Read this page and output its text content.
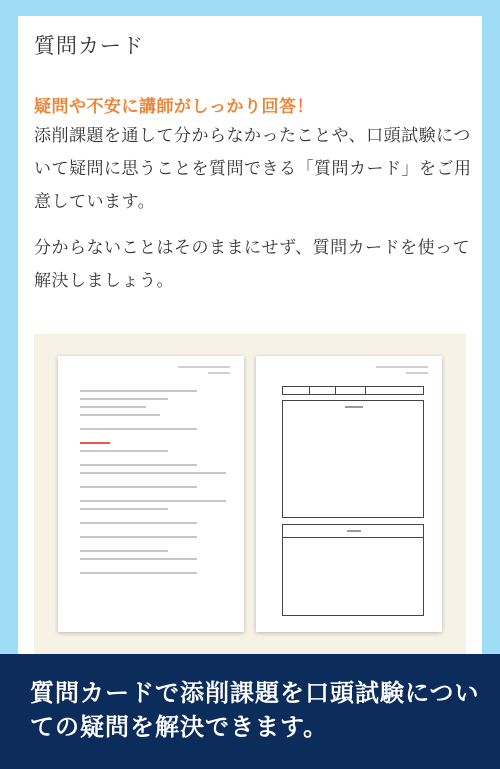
質問カード
疑問や不安に講師がしっかり回答！
添削課題を通して分からなかったことや、口頭試験について疑問に思うことを質問できる「質問カード」をご用意しています。
分からないことはそのままにせず、質問カードを使って解決しましょう。
質問カードで添削課題を口頭試験についての疑問を解決できます。
